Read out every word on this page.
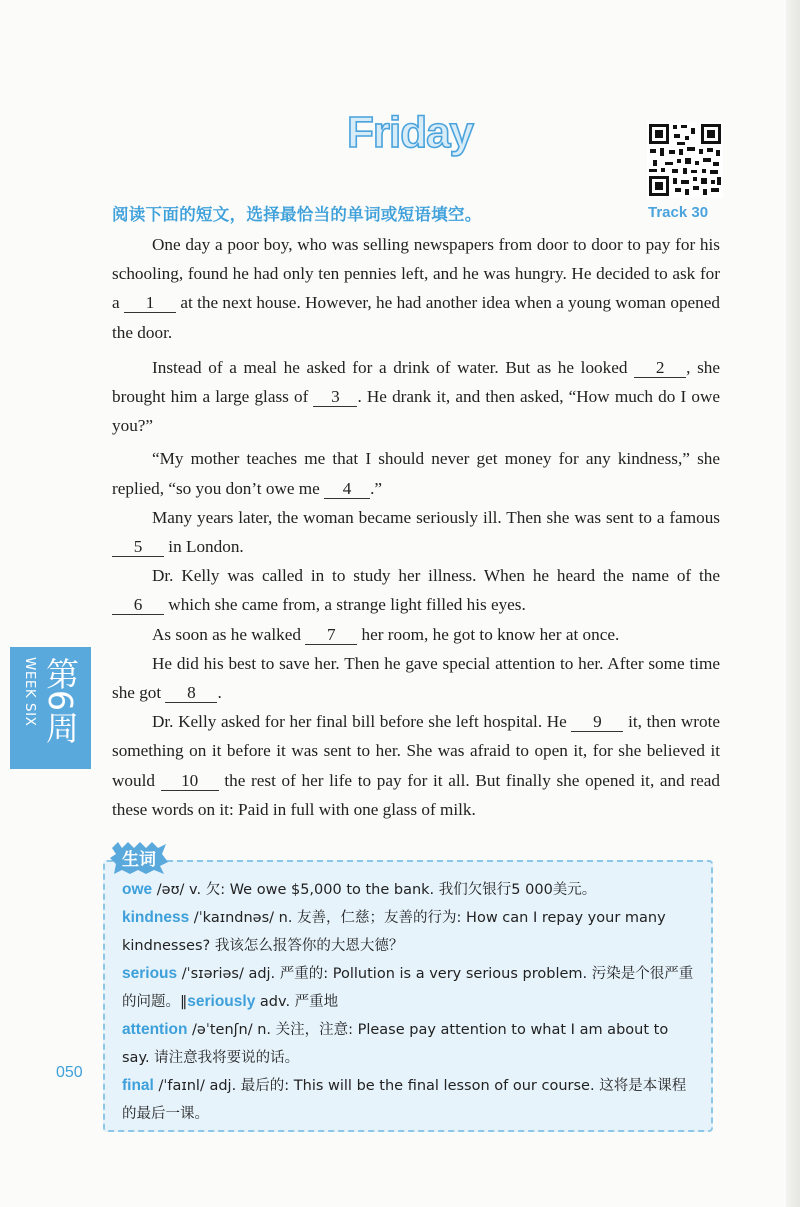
Friday
Track 30
阅读下面的短文，选择最恰当的单词或短语填空。

One day a poor boy, who was selling newspapers from door to door to pay for his schooling, found he had only ten pennies left, and he was hungry. He decided to ask for a 1 at the next house. However, he had another idea when a young woman opened the door.

Instead of a meal he asked for a drink of water. But as he looked 2 , she brought him a large glass of 3 . He drank it, and then asked, “How much do I owe you?”

“My mother teaches me that I should never get money for any kindness,” she replied, “so you don’t owe me 4 .”

Many years later, the woman became seriously ill. Then she was sent to a famous 5 in London.

Dr. Kelly was called in to study her illness. When he heard the name of the 6 which she came from, a strange light filled his eyes.

As soon as he walked 7 her room, he got to know her at once.

He did his best to save her. Then he gave special attention to her. After some time she got 8 .

Dr. Kelly asked for her final bill before she left hospital. He 9 it, then wrote something on it before it was sent to her. She was afraid to open it, for she believed it would 10 the rest of her life to pay for it all. But finally she opened it, and read these words on it: Paid in full with one glass of milk.

第6周 WEEK SIX
生词

owe /əʊ/ v. 欠: We owe $5,000 to the bank. 我们欠银行5 000美元。

kindness /ˈkaɪndnəs/ n. 友善，仁慈；友善的行为: How can I repay your many kindnesses? 我该怎么报答你的大恩大德？

serious /ˈsɪəriəs/ adj. 严重的: Pollution is a very serious problem. 污染是个很严重的问题。‖seriously adv. 严重地

attention /əˈtenʃn/ n. 关注，注意: Please pay attention to what I am about to say. 请注意我将要说的话。

final /ˈfaɪnl/ adj. 最后的: This will be the final lesson of our course. 这将是本课程的最后一课。

050
